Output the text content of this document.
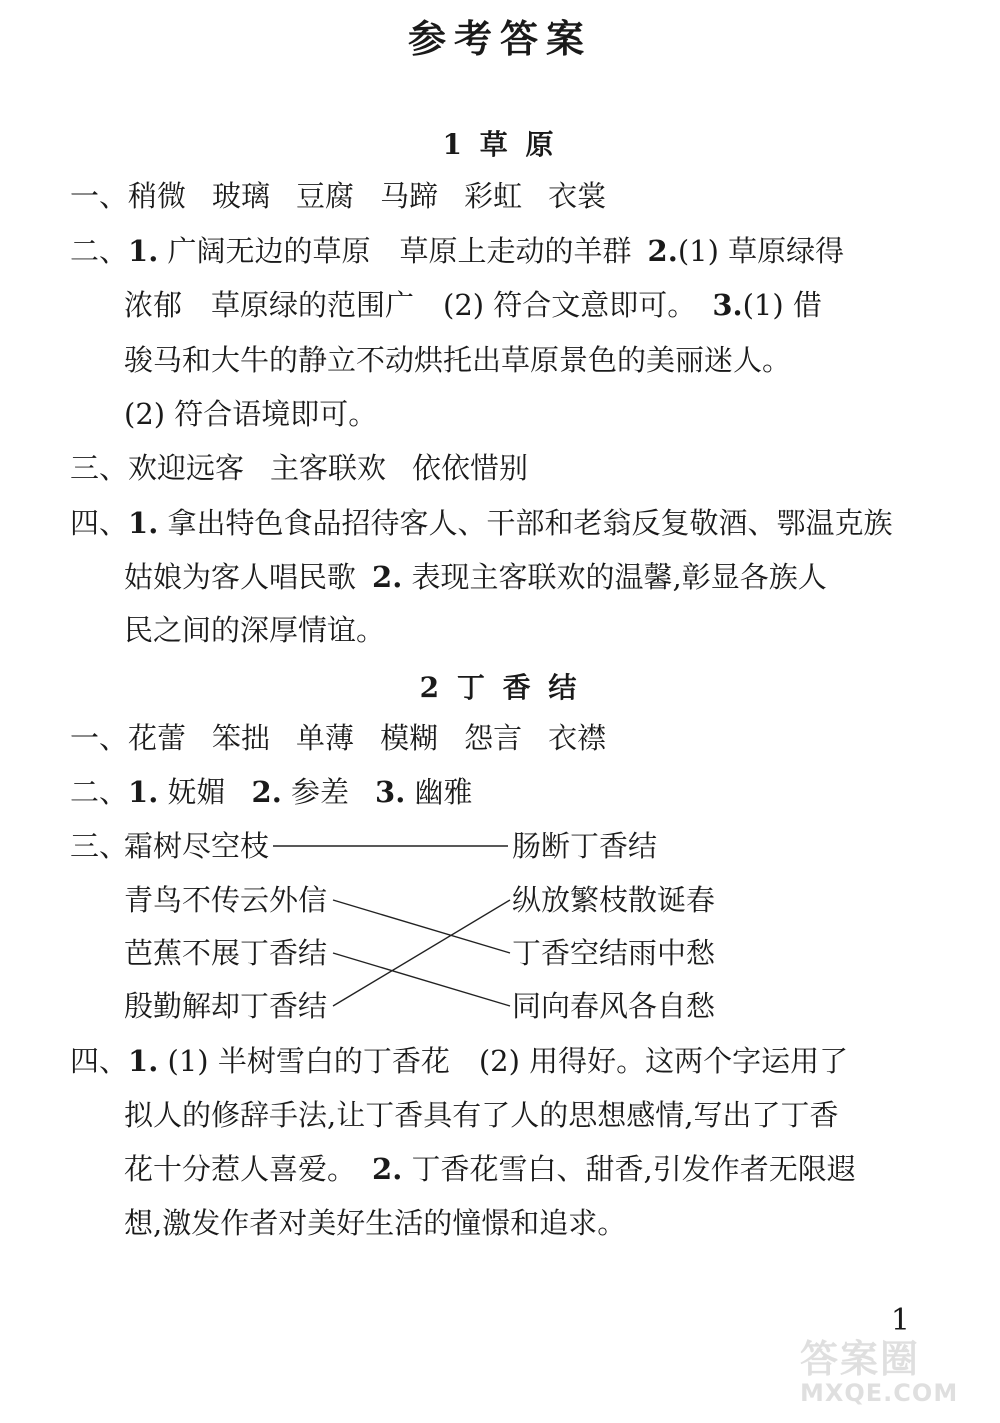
参考答案
1 草 原
一、稍微 玻璃 豆腐 马蹄 彩虹 衣裳
二、1. 广阔无边的草原　草原上走动的羊群 2.(1) 草原绿得
浓郁　草原绿的范围广　(2) 符合文意即可。 3.(1) 借
骏马和大牛的静立不动烘托出草原景色的美丽迷人。
(2) 符合语境即可。
三、欢迎远客 主客联欢 依依惜别
四、1. 拿出特色食品招待客人、干部和老翁反复敬酒、鄂温克族
姑娘为客人唱民歌 2. 表现主客联欢的温馨,彰显各族人
民之间的深厚情谊。
2 丁 香 结
一、花蕾 笨拙 单薄 模糊 怨言 衣襟
二、1. 妩媚 2. 参差 3. 幽雅
三、
霜树尽空枝
青鸟不传云外信
芭蕉不展丁香结
殷勤解却丁香结
肠断丁香结
纵放繁枝散诞春
丁香空结雨中愁
同向春风各自愁
四、1. (1) 半树雪白的丁香花　(2) 用得好。这两个字运用了
拟人的修辞手法,让丁香具有了人的思想感情,写出了丁香
花十分惹人喜爱。 2. 丁香花雪白、甜香,引发作者无限遐
想,激发作者对美好生活的憧憬和追求。
1
答案圈
MXQE.COM
